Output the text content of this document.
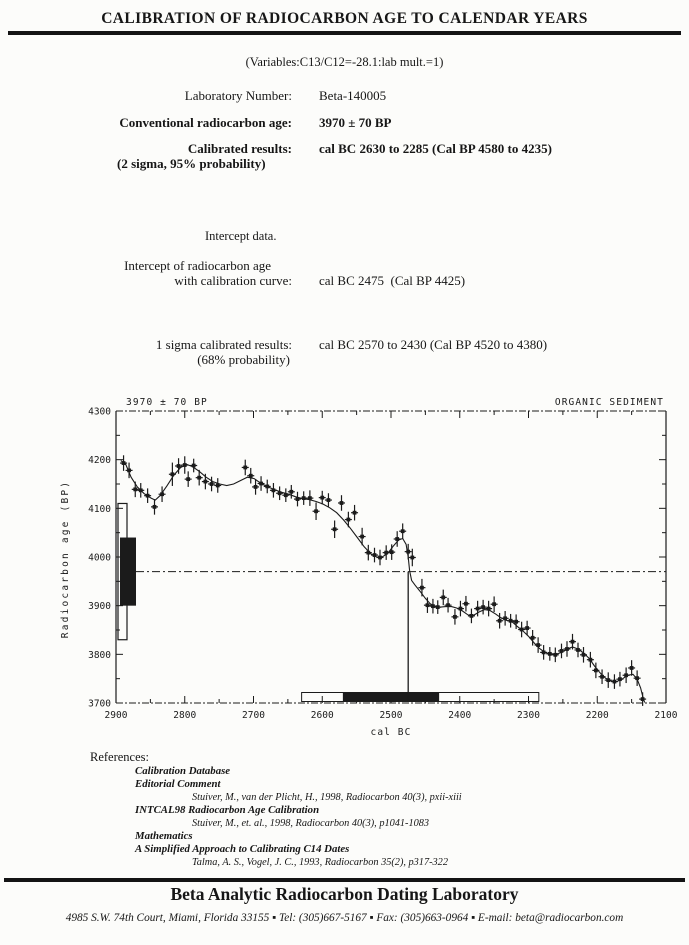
CALIBRATION OF RADIOCARBON AGE TO CALENDAR YEARS
(Variables:C13/C12=-28.1:lab mult.=1)
Laboratory Number: Beta-140005
Conventional radiocarbon age: 3970 ± 70 BP
Calibrated results: cal BC 2630 to 2285 (Cal BP 4580 to 4235)
(2 sigma, 95% probability)
Intercept data.
Intercept of radiocarbon age
with calibration curve: cal BC 2475  (Cal BP 4425)
1 sigma calibrated results:
(68% probability)
cal BC 2570 to 2430 (Cal BP 4520 to 4380)
2100
2200
2300
2400
2500
2600
2700
2800
2900
3700
3800
3900
4000
4100
4200
4300
3970 ± 70 BP	ORGANIC SEDIMENT
cal BC
Radiocarbon age (BP)
References:
Calibration Database
Editorial Comment
Stuiver, M., van der Plicht, H., 1998, Radiocarbon 40(3), pxii-xiii
INTCAL98 Radiocarbon Age Calibration
Stuiver, M., et. al., 1998, Radiocarbon 40(3), p1041-1083
Mathematics
A Simplified Approach to Calibrating C14 Dates
Talma, A. S., Vogel, J. C., 1993, Radiocarbon 35(2), p317-322
Beta Analytic Radiocarbon Dating Laboratory
4985 S.W. 74th Court, Miami, Florida 33155 ▪ Tel: (305)667-5167 ▪ Fax: (305)663-0964 ▪ E-mail: beta@radiocarbon.com
